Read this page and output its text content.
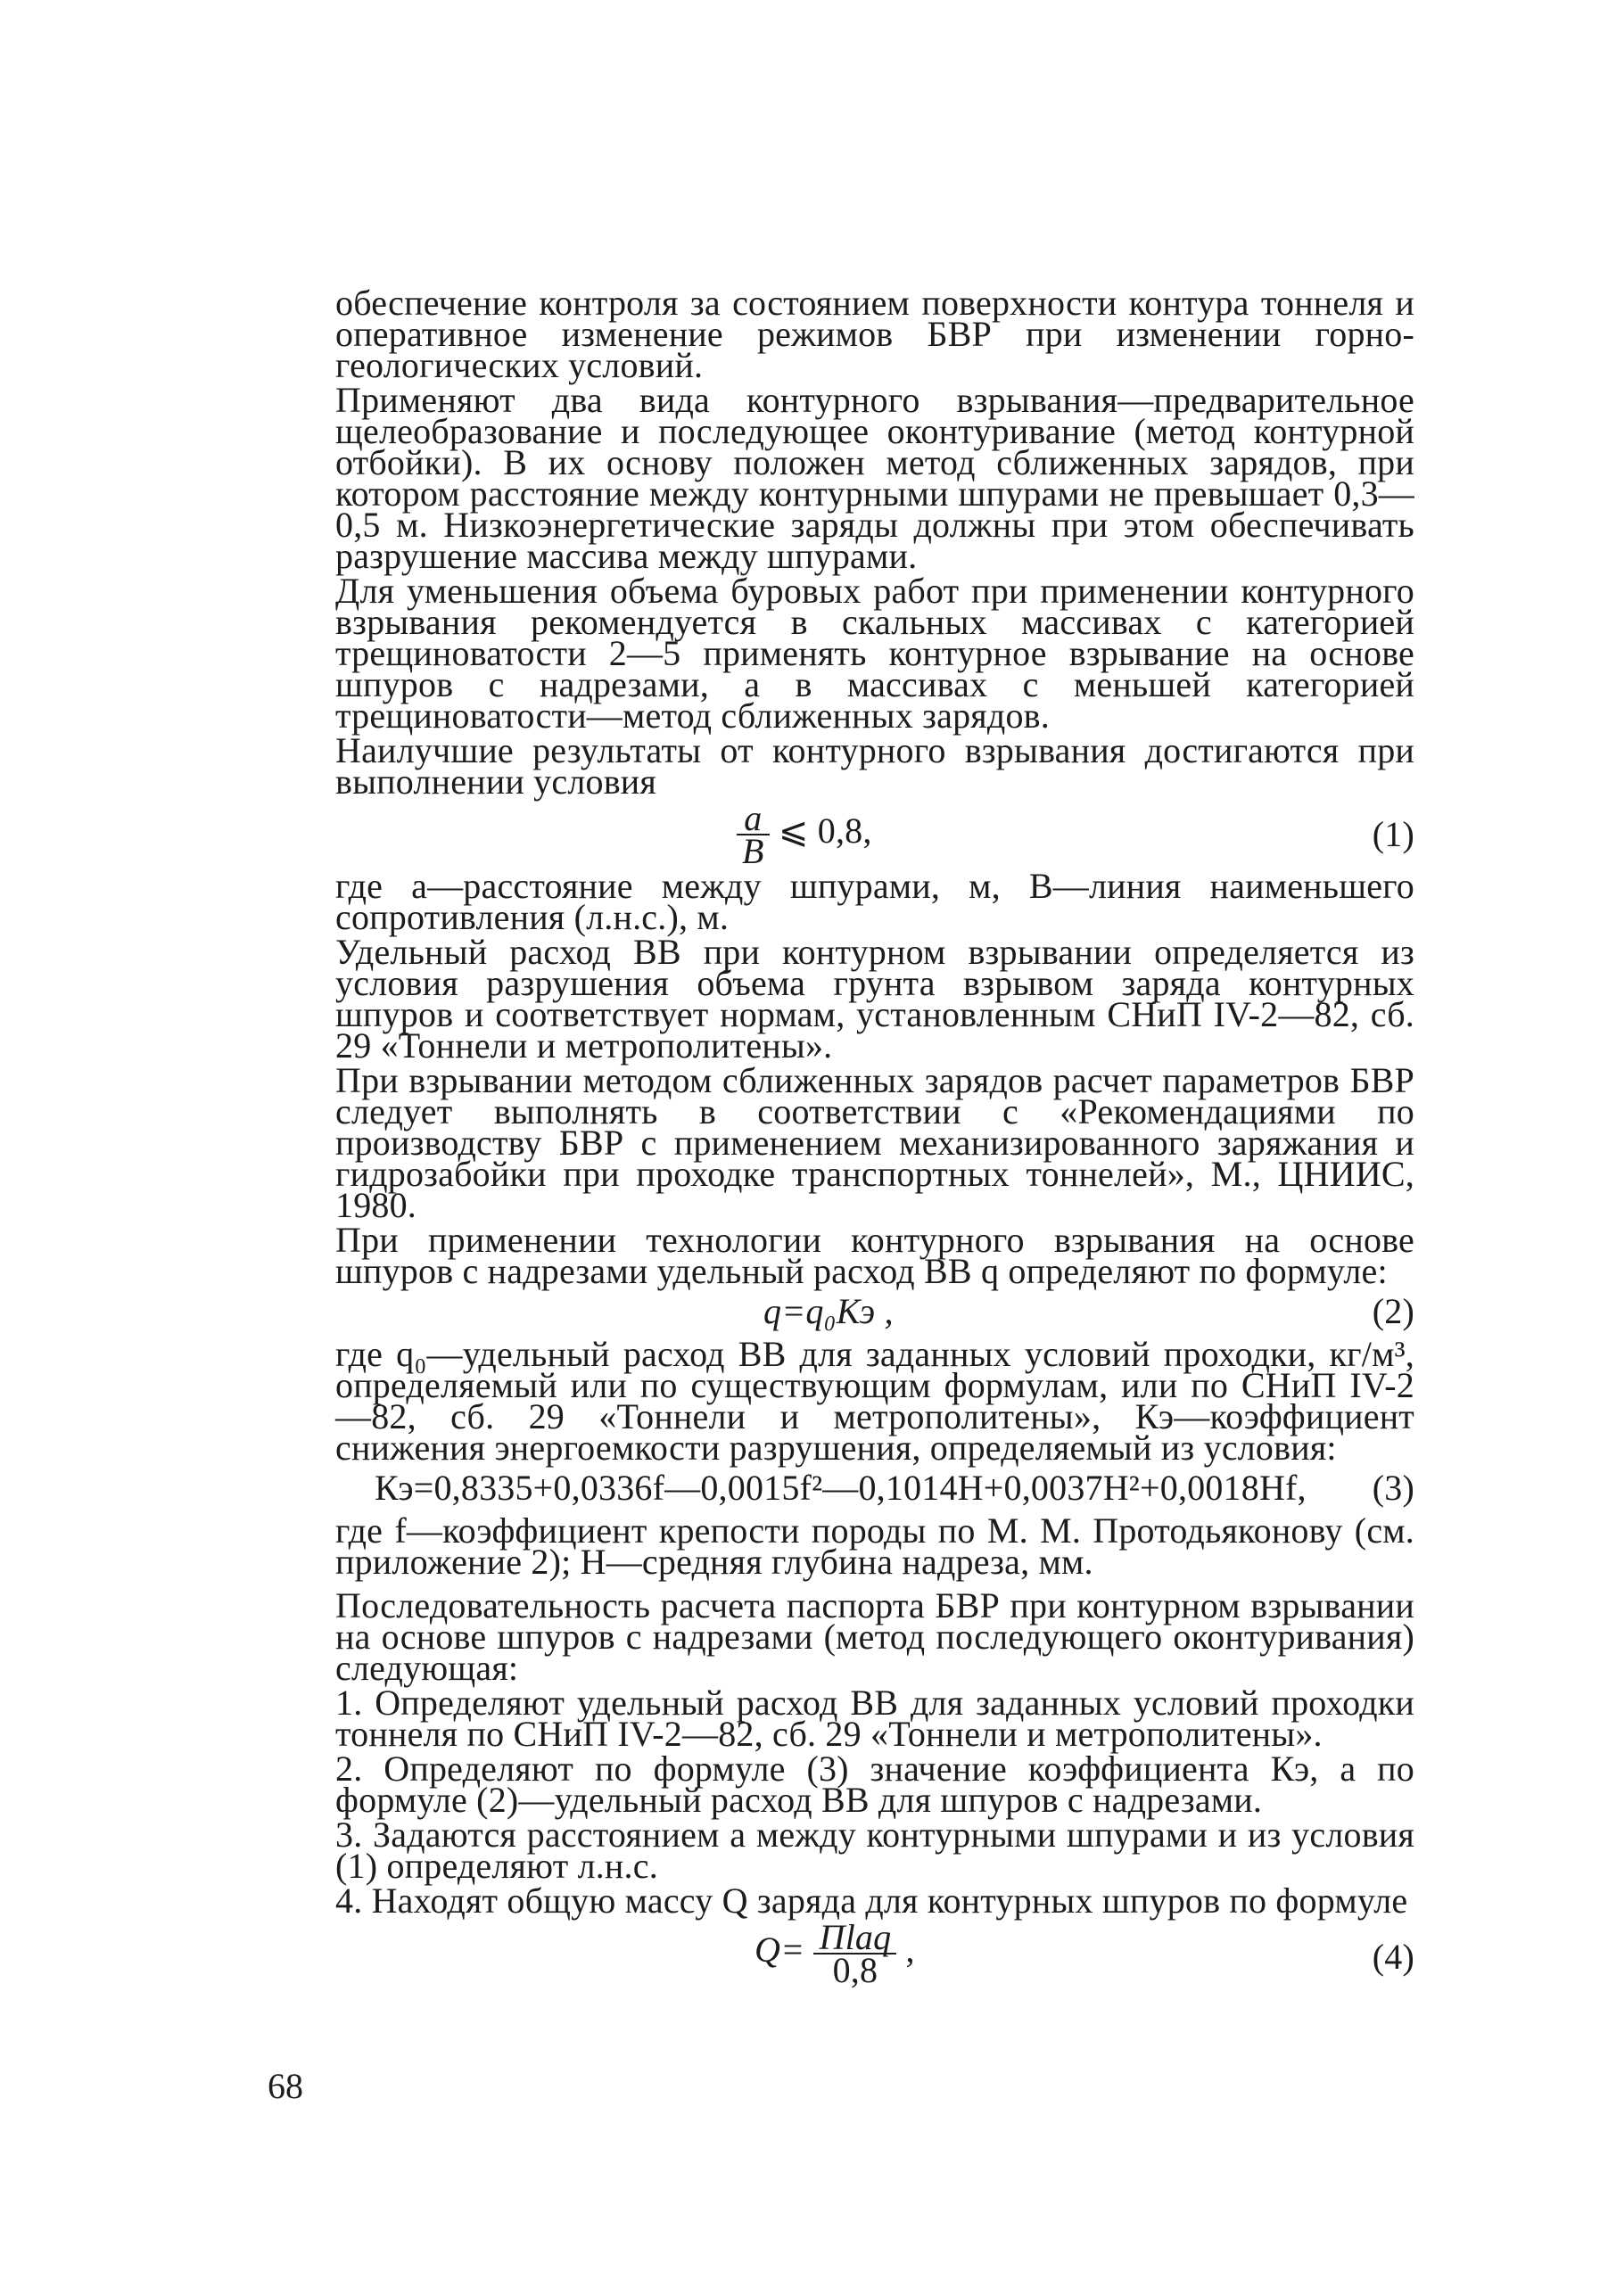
обеспечение контроля за состоянием поверхности контура тоннеля и оперативное изменение режимов БВР при изменении горно-геологических условий.

Применяют два вида контурного взрывания—предварительное щелеобразование и последующее оконтуривание (метод контурной отбойки). В их основу положен метод сближенных зарядов, при котором расстояние между контурными шпурами не превышает 0,3—0,5 м. Низкоэнергетические заряды должны при этом обеспечивать разрушение массива между шпурами.

Для уменьшения объема буровых работ при применении контурного взрывания рекомендуется в скальных массивах с категорией трещиноватости 2—5 применять контурное взрывание на основе шпуров с надрезами, а в массивах с меньшей категорией трещиноватости—метод сближенных зарядов.

Наилучшие результаты от контурного взрывания достигаются при выполнении условия

$\frac{a}{B}$ ⩽ 0,8,	(1)

где a—расстояние между шпурами, м, B—линия наименьшего сопротивления (л.н.с.), м.

Удельный расход ВВ при контурном взрывании определяется из условия разрушения объема грунта взрывом заряда контурных шпуров и соответствует нормам, установленным СНиП IV-2—82, сб. 29 «Тоннели и метрополитены».

При взрывании методом сближенных зарядов расчет параметров БВР следует выполнять в соответствии с «Рекомендациями по производству БВР с применением механизированного заряжания и гидрозабойки при проходке транспортных тоннелей», М., ЦНИИС, 1980.

При применении технологии контурного взрывания на основе шпуров с надрезами удельный расход ВВ q определяют по формуле:

q=q₀Кэ ,	(2)

где q₀—удельный расход ВВ для заданных условий проходки, кг/м³, определяемый или по существующим формулам, или по СНиП IV-2—82, сб. 29 «Тоннели и метрополитены», Кэ—коэффициент снижения энергоемкости разрушения, определяемый из условия:

Кэ=0,8335+0,0336f—0,0015f²—0,1014H+0,0037H²+0,0018Hf, (3)

где f—коэффициент крепости породы по М. М. Протодьяконову (см. приложение 2); H—средняя глубина надреза, мм.

Последовательность расчета паспорта БВР при контурном взрывании на основе шпуров с надрезами (метод последующего оконтуривания) следующая:

1. Определяют удельный расход ВВ для заданных условий проходки тоннеля по СНиП IV-2—82, сб. 29 «Тоннели и метрополитены».

2. Определяют по формуле (3) значение коэффициента Кэ, а по формуле (2)—удельный расход ВВ для шпуров с надрезами.

3. Задаются расстоянием a между контурными шпурами и из условия (1) определяют л.н.с.

4. Находят общую массу Q заряда для контурных шпуров по формуле

$Q= \frac{\text{Пlaq}}{0,8}$ ,	(4)
68
